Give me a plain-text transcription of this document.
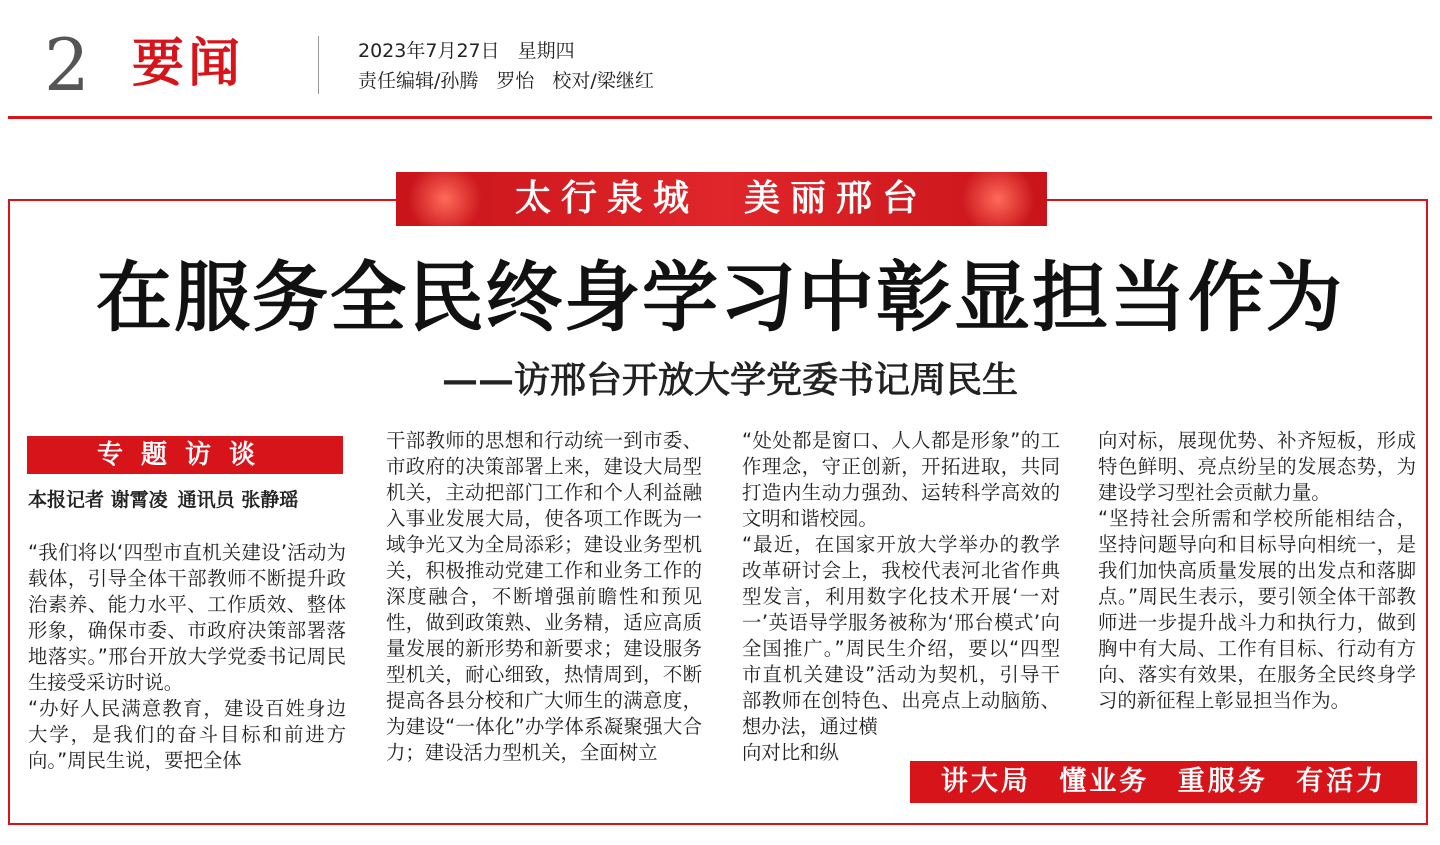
2 要闻	2023年7月27日 星期四
责任编辑/孙腾 罗怡 校对/梁继红
太行泉城 美丽邢台
在服务全民终身学习中彰显担当作为
——访邢台开放大学党委书记周民生
专题访谈
本报记者 谢霄凌 通讯员 张静瑶
“我们将以‘四型市直机关建设’活动为载体，引导全体干部教师不断提升政治素养、能力水平、工作质效、整体形象，确保市委、市政府决策部署落地落实。”邢台开放大学党委书记周民生接受采访时说。
“办好人民满意教育，建设百姓身边大学，是我们的奋斗目标和前进方向。”周民生说，要把全体
干部教师的思想和行动统一到市委、市政府的决策部署上来，建设大局型机关，主动把部门工作和个人利益融入事业发展大局，使各项工作既为一域争光又为全局添彩；建设业务型机关，积极推动党建工作和业务工作的深度融合，不断增强前瞻性和预见性，做到政策熟、业务精，适应高质量发展的新形势和新要求；建设服务型机关，耐心细致，热情周到，不断提高各县分校和广大师生的满意度，为建设“一体化”办学体系凝聚强大合力；建设活力型机关，全面树立
“处处都是窗口、人人都是形象”的工作理念，守正创新，开拓进取，共同打造内生动力强劲、运转科学高效的文明和谐校园。
“最近，在国家开放大学举办的教学改革研讨会上，我校代表河北省作典型发言，利用数字化技术开展‘一对一’英语导学服务被称为‘邢台模式’向全国推广。”周民生介绍，要以“四型市直机关建设”活动为契机，引导干部教师在创特色、出亮点上动脑筋、想办法，通过横
向对比和纵
向对标，展现优势、补齐短板，形成特色鲜明、亮点纷呈的发展态势，为建设学习型社会贡献力量。
“坚持社会所需和学校所能相结合，坚持问题导向和目标导向相统一，是我们加快高质量发展的出发点和落脚点。”周民生表示，要引领全体干部教师进一步提升战斗力和执行力，做到胸中有大局、工作有目标、行动有方向、落实有效果，在服务全民终身学习的新征程上彰显担当作为。
讲大局 懂业务 重服务 有活力
